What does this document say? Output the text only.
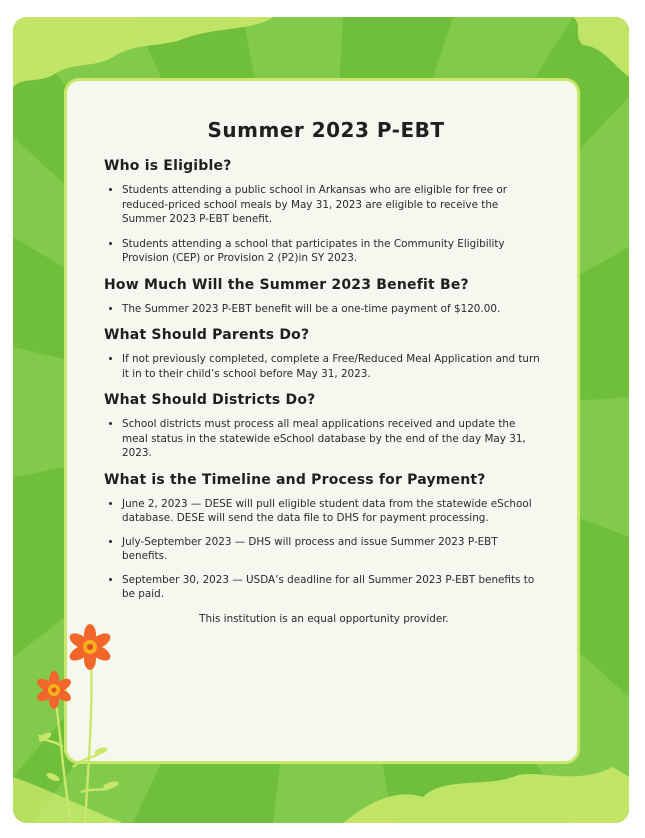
Summer 2023 P-EBT
Who is Eligible?
• Students attending a public school in Arkansas who are eligible for free or reduced-priced school meals by May 31, 2023 are eligible to receive the Summer 2023 P-EBT benefit.
• Students attending a school that participates in the Community Eligibility Provision (CEP) or Provision 2 (P2)in SY 2023.
How Much Will the Summer 2023 Benefit Be?
• The Summer 2023 P-EBT benefit will be a one-time payment of $120.00.
What Should Parents Do?
• If not previously completed, complete a Free/Reduced Meal Application and turn it in to their child’s school before May 31, 2023.
What Should Districts Do?
• School districts must process all meal applications received and update the meal status in the statewide eSchool database by the end of the day May 31, 2023.
What is the Timeline and Process for Payment?
• June 2, 2023 — DESE will pull eligible student data from the statewide eSchool database. DESE will send the data file to DHS for payment processing.
• July-September 2023 — DHS will process and issue Summer 2023 P-EBT benefits.
• September 30, 2023 — USDA’s deadline for all Summer 2023 P-EBT benefits to be paid.

This institution is an equal opportunity provider.
